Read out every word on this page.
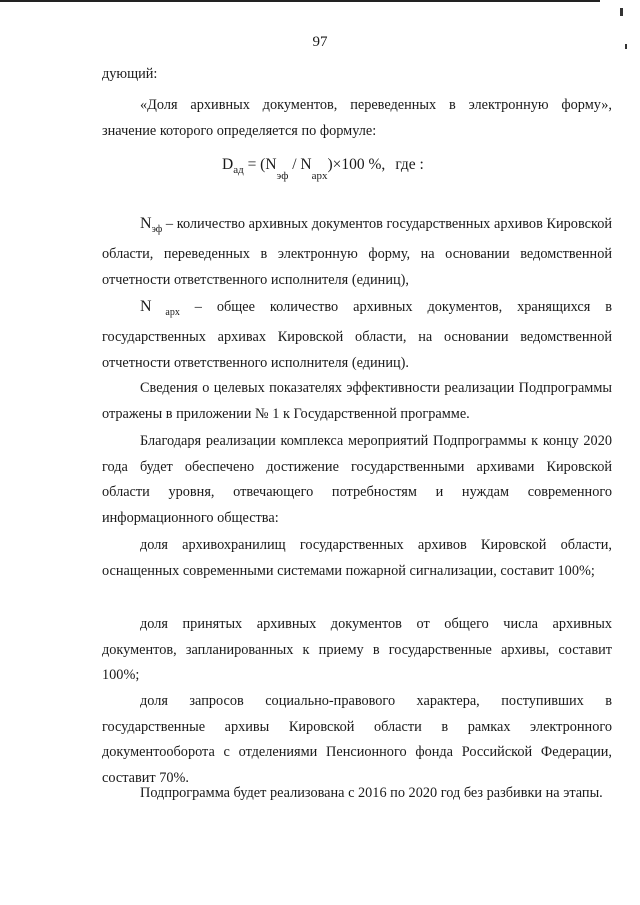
97

дующий:

«Доля архивных документов, переведенных в электронную форму», значение которого определяется по формуле:

$D_{ад} = (N_{эф} / N_{арх})\times 100$ %, где :

$N_{эф}$ – количество архивных документов государственных архивов Кировской области, переведенных в электронную форму, на основании ведомственной отчетности ответственного исполнителя (единиц),

N $_{арх}$ – общее количество архивных документов, хранящихся в государственных архивах Кировской области, на основании ведомственной отчетности ответственного исполнителя (единиц).

Сведения о целевых показателях эффективности реализации Подпрограммы отражены в приложении № 1 к Государственной программе.

Благодаря реализации комплекса мероприятий Подпрограммы к концу 2020 года будет обеспечено достижение государственными архивами Кировской области уровня, отвечающего потребностям и нуждам современного информационного общества:

доля архивохранилищ государственных архивов Кировской области, оснащенных современными системами пожарной сигнализации, составит 100%;

доля принятых архивных документов от общего числа архивных документов, запланированных к приему в государственные архивы, составит 100%;

доля запросов социально-правового характера, поступивших в государственные архивы Кировской области в рамках электронного документооборота с отделениями Пенсионного фонда Российской Федерации, составит 70%.

Подпрограмма будет реализована с 2016 по 2020 год без разбивки на этапы.
